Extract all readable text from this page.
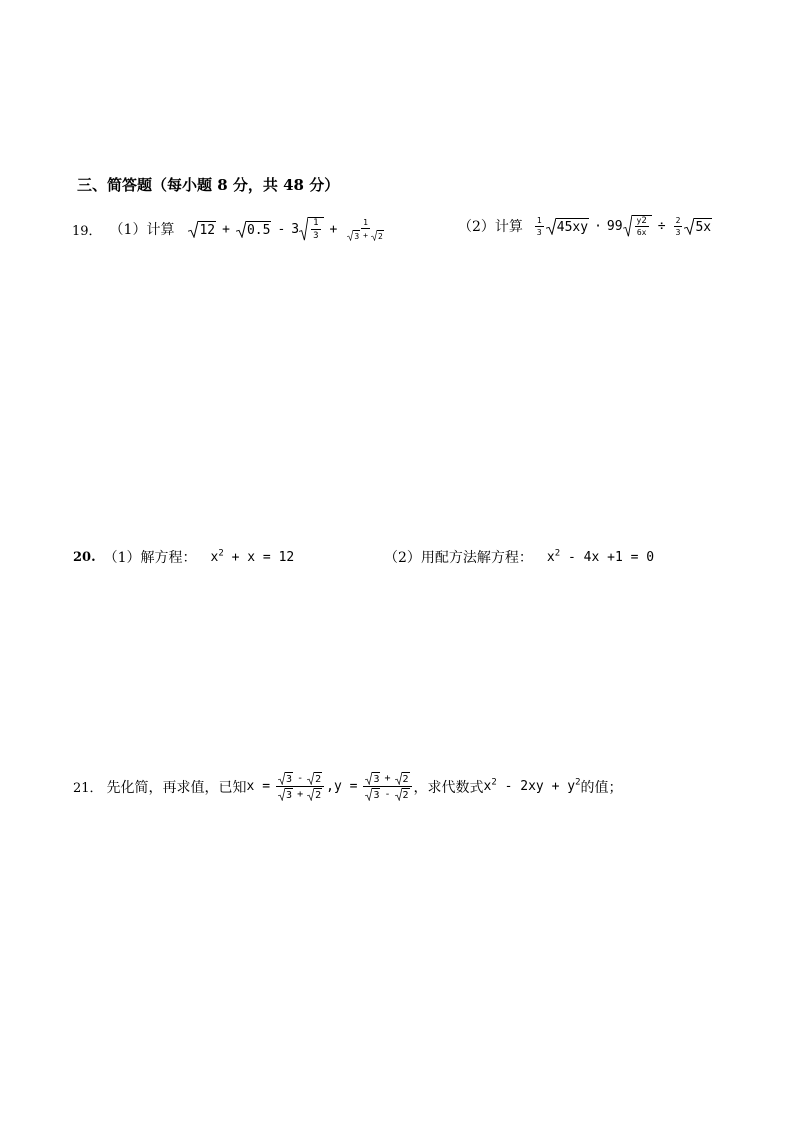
三、简答题（每小题 8 分，共 48 分）
19． （1）计算 $12 + 0.5 - 3 \frac{1}{3} + \frac{1}{3 + 2}$	（2）计算 $\frac{1}{3} 45xy \cdot 99 \frac{y 2}{6x} \div \frac{2}{3} 5x$
20. （1）解方程： $x^2 + x = 12$	（2）用配方法解方程： $x^2 - 4x +1 = 0$
21． 先化简，再求值，已知 $x = \frac{3 - 2}{3 + 2} ,y = \frac{3 + 2}{3 - 2}$ ，求代数式 $x^2 - 2xy + y^2$ 的值；
